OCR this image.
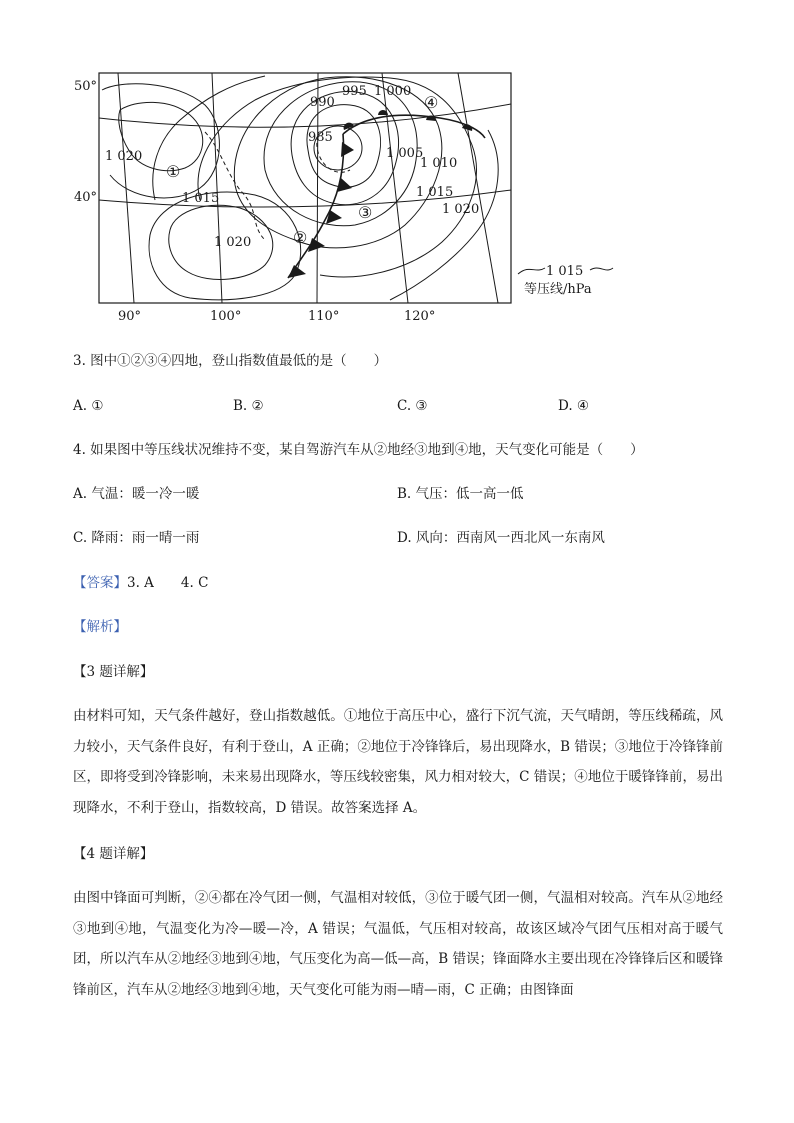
990
995 1 000
985
1 005
1 010
1 015
1 020
1 020
1 015
1 020
①
②
③
④
50°
40°
90°	100°	110°	120°
1 015
等压线/hPa
3. 图中①②③④四地，登山指数值最低的是（　　）
A. ①	B. ②	C. ③	D. ④
4. 如果图中等压线状况维持不变，某自驾游汽车从②地经③地到④地，天气变化可能是（　　）
A. 气温：暖一冷一暖	B. 气压：低一高一低
C. 降雨：雨一晴一雨	D. 风向：西南风一西北风一东南风
【答案】3. A　　4. C
【解析】
【3 题详解】
由材料可知，天气条件越好，登山指数越低。①地位于高压中心，盛行下沉气流，天气晴朗，等压线稀疏，风力较小，天气条件良好，有利于登山，A 正确；②地位于冷锋锋后，易出现降水，B 错误；③地位于冷锋锋前区，即将受到冷锋影响，未来易出现降水，等压线较密集，风力相对较大，C 错误；④地位于暖锋锋前，易出现降水，不利于登山，指数较高，D 错误。故答案选择 A。
【4 题详解】
由图中锋面可判断，②④都在冷气团一侧，气温相对较低，③位于暖气团一侧，气温相对较高。汽车从②地经③地到④地，气温变化为冷—暖—冷，A 错误；气温低，气压相对较高，故该区域冷气团气压相对高于暖气团，所以汽车从②地经③地到④地，气压变化为高—低—高，B 错误；锋面降水主要出现在冷锋锋后区和暖锋锋前区，汽车从②地经③地到④地，天气变化可能为雨—晴—雨，C 正确；由图锋面
